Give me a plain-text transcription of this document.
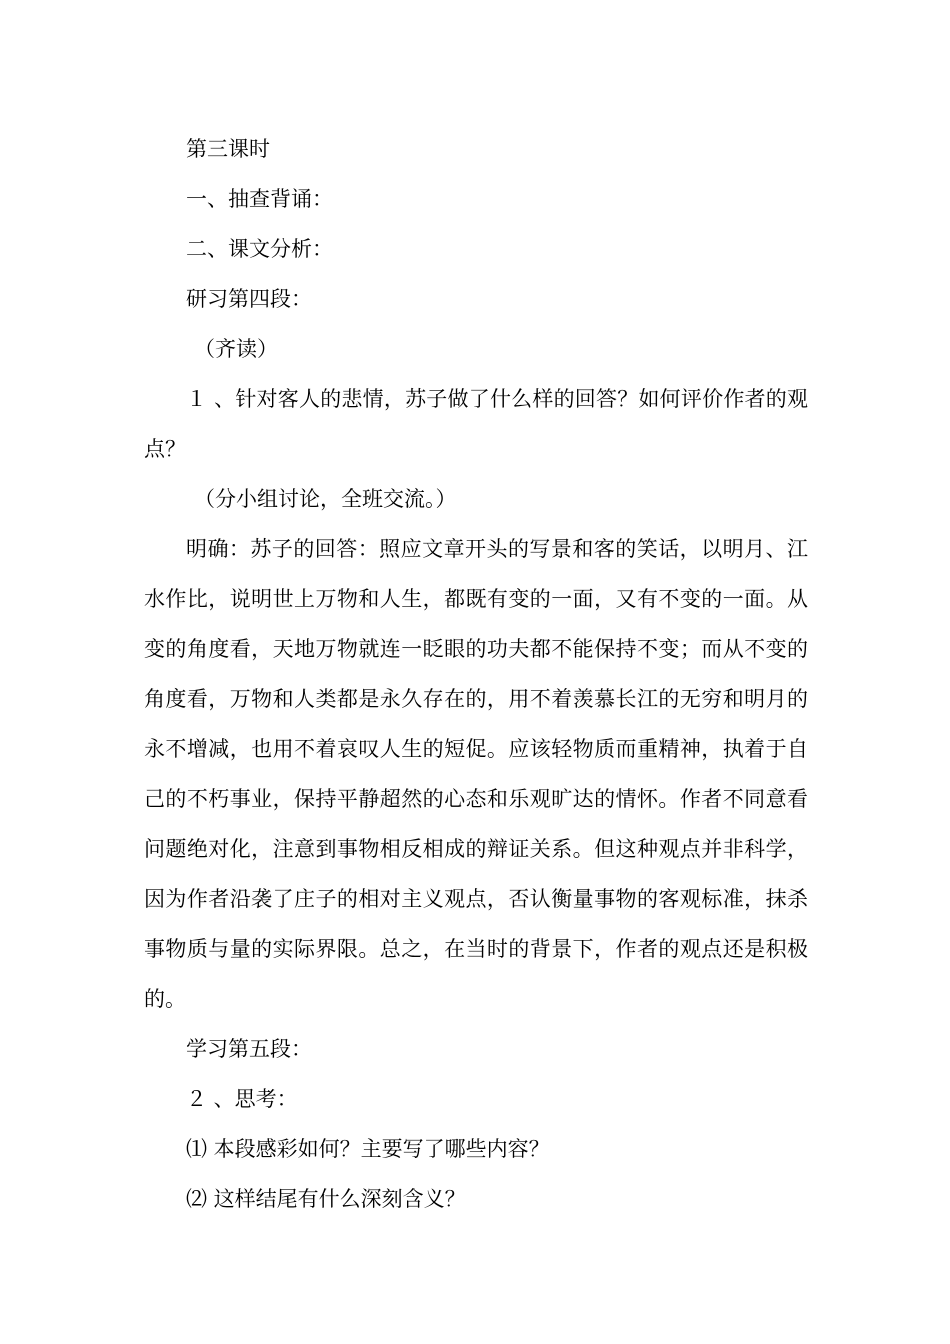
第三课时

一、抽查背诵：

二、课文分析：

研习第四段：

（齐读）

１ 、针对客人的悲情，苏子做了什么样的回答？如何评价作者的观点？

（分小组讨论，全班交流。）

明确：苏子的回答：照应文章开头的写景和客的笑话，以明月、江水作比，说明世上万物和人生，都既有变的一面，又有不变的一面。从变的角度看，天地万物就连一眨眼的功夫都不能保持不变；而从不变的角度看，万物和人类都是永久存在的，用不着羡慕长江的无穷和明月的永不增减，也用不着哀叹人生的短促。应该轻物质而重精神，执着于自己的不朽事业，保持平静超然的心态和乐观旷达的情怀。作者不同意看问题绝对化，注意到事物相反相成的辩证关系。但这种观点并非科学，因为作者沿袭了庄子的相对主义观点，否认衡量事物的客观标准，抹杀事物质与量的实际界限。总之，在当时的背景下，作者的观点还是积极的。

学习第五段：

２ 、思考：

⑴ 本段感彩如何？主要写了哪些内容？

⑵ 这样结尾有什么深刻含义？
